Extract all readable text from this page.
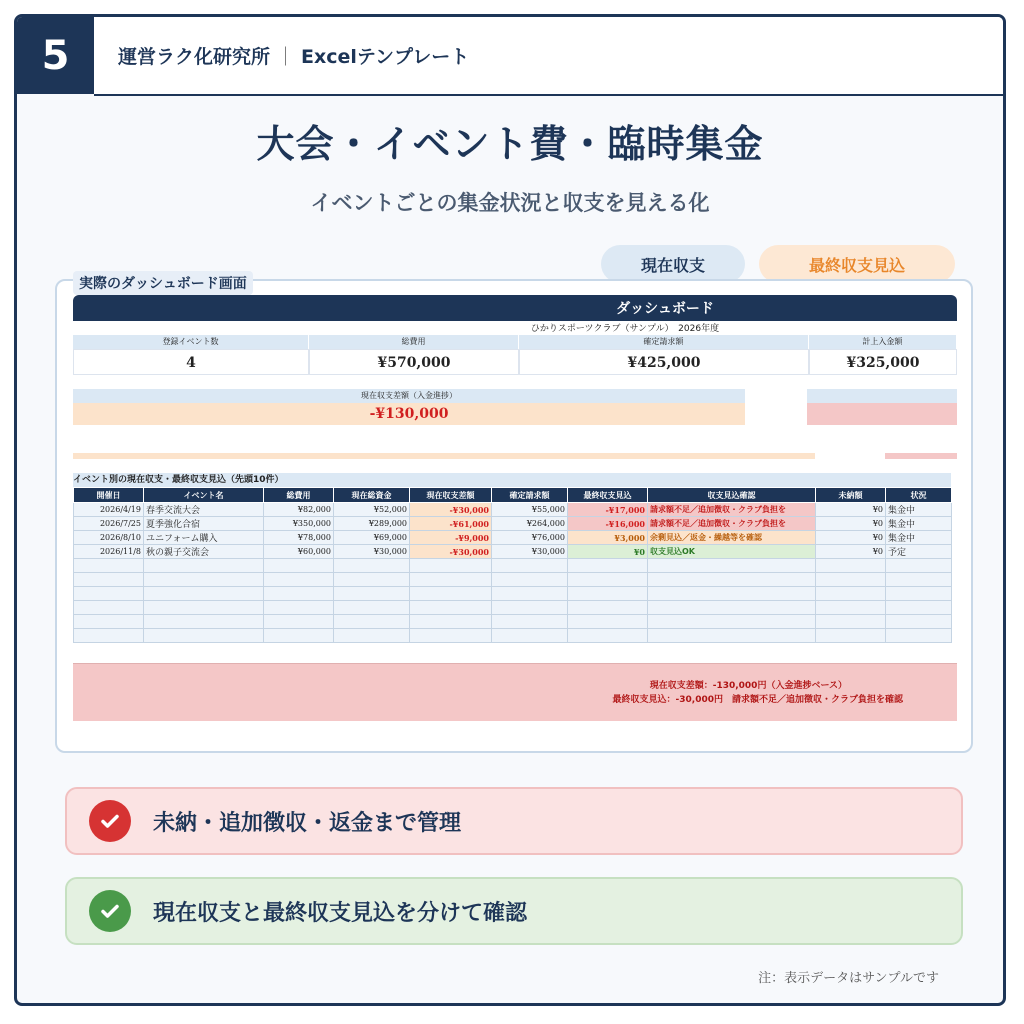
5	運営ラク化研究所 ｜ Excelテンプレート
大会・イベント費・臨時集金
イベントごとの集金状況と収支を見える化
現在収支	最終収支見込
ダッシュボード
ひかりスポーツクラブ（サンプル）　2026年度
登録イベント数	総費用	確定請求額	計上入金額
4	¥570,000	¥425,000	¥325,000
現在収支差額（入金進捗）
-¥130,000
イベント別の現在収支・最終収支見込（先頭10件）
開催日	イベント名	総費用	現在総資金	現在収支差額	確定請求額	最終収支見込	収支見込確認	未納額	状況
2026/4/19	春季交流大会	¥82,000	¥52,000	-¥30,000	¥55,000	-¥17,000	請求額不足／追加徴収・クラブ負担を	¥0	集金中
2026/7/25	夏季強化合宿	¥350,000	¥289,000	-¥61,000	¥264,000	-¥16,000	請求額不足／追加徴収・クラブ負担を	¥0	集金中
2026/8/10	ユニフォーム購入	¥78,000	¥69,000	-¥9,000	¥76,000	¥3,000	余剰見込／返金・繰越等を確認	¥0	集金中
2026/11/8	秋の親子交流会	¥60,000	¥30,000	-¥30,000	¥30,000	¥0	収支見込OK	¥0	予定

現在収支差額：-130,000円（入金進捗ベース）
最終収支見込：-30,000円　請求額不足／追加徴収・クラブ負担を確認
実際のダッシュボード画面
未納・追加徴収・返金まで管理
現在収支と最終収支見込を分けて確認
注：表示データはサンプルです
